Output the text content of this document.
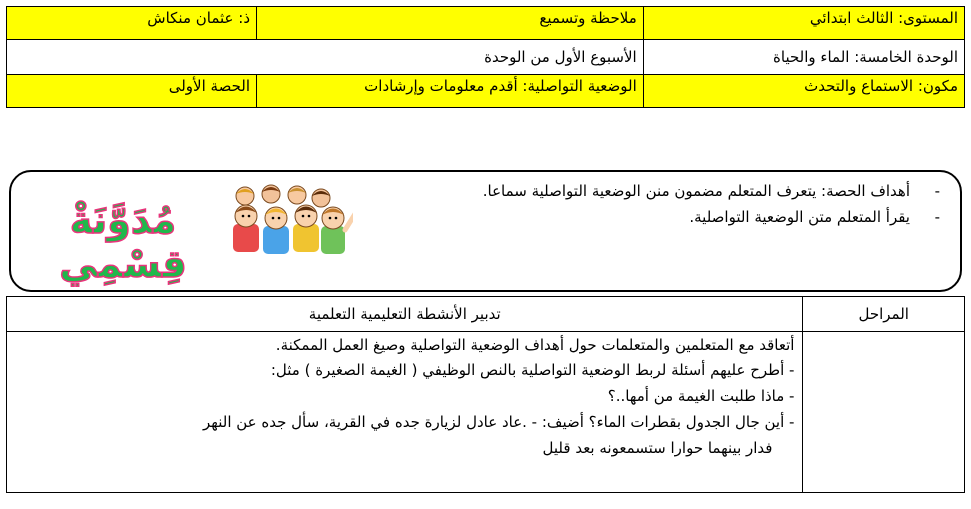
ذ: عثمان منكاش	ملاحظة وتسميع	المستوى: الثالث ابتدائي
الأسبوع الأول من الوحدة		الوحدة الخامسة: الماء والحياة
الحصة الأولى	الوضعية التواصلية: أقدم معلومات وإرشادات	مكون: الاستماع والتحدث
-
أهداف الحصة: يتعرف المتعلم مضمون منن الوضعية التواصلية سماعا.
-
يقرأ المتعلم متن الوضعية التواصلية.
مُدَوَّنَةْ قِسْمِي
تدبير الأنشطة التعليمية التعلمية	المراحل

أتعاقد مع المتعلمين والمتعلمات حول أهداف الوضعية التواصلية وصيغ العمل الممكنة.
- أطرح عليهم أسئلة لربط الوضعية التواصلية بالنص الوظيفي ( الغيمة الصغيرة ) مثل:
- ماذا طلبت الغيمة من أمها..؟
- أين جال الجدول بقطرات الماء؟ أضيف: - .عاد عادل لزيارة جده في القرية، سأل جده عن النهر
فدار بينهما حوارا ستسمعونه بعد قليل	
